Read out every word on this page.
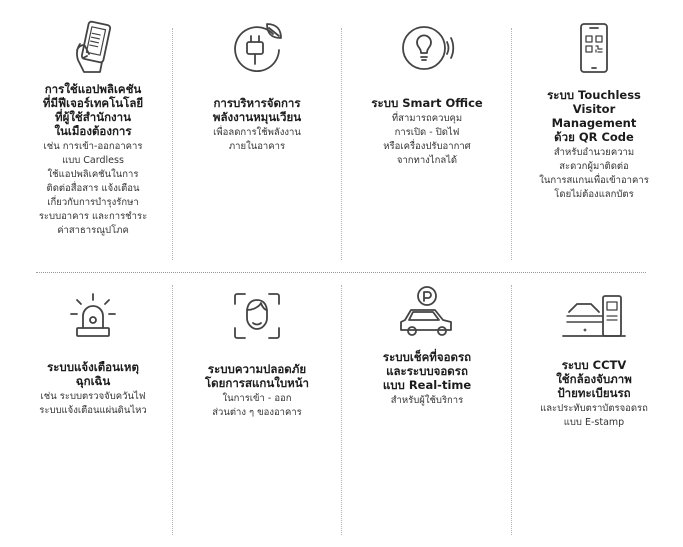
การใช้แอปพลิเคชัน
ที่มีฟีเจอร์เทคโนโลยี
ที่ผู้ใช้สำนักงาน
ในเมืองต้องการ
เช่น การเข้า-ออกอาคาร
แบบ Cardless
ใช้แอปพลิเคชันในการ
ติดต่อสื่อสาร แจ้งเตือน
เกี่ยวกับการบำรุงรักษา
ระบบอาคาร และการชำระ
ค่าสาธารณูปโภค
การบริหารจัดการ
พลังงานหมุนเวียน
เพื่อลดการใช้พลังงาน
ภายในอาคาร
ระบบ Smart Office
ที่สามารถควบคุม
การเปิด - ปิดไฟ
หรือเครื่องปรับอากาศ
จากทางไกลได้
ระบบ Touchless
Visitor
Management
ด้วย QR Code
สำหรับอำนวยความ
สะดวกผู้มาติดต่อ
ในการสแกนเพื่อเข้าอาคาร
โดยไม่ต้องแลกบัตร
ระบบแจ้งเตือนเหตุ
ฉุกเฉิน
เช่น ระบบตรวจจับควันไฟ
ระบบแจ้งเตือนแผ่นดินไหว
ระบบความปลอดภัย
โดยการสแกนใบหน้า
ในการเข้า - ออก
ส่วนต่าง ๆ ของอาคาร
ระบบเช็คที่จอดรถ
และระบบจอดรถ
แบบ Real-time
สำหรับผู้ใช้บริการ
ระบบ CCTV
ใช้กล้องจับภาพ
ป้ายทะเบียนรถ
และประทับตราบัตรจอดรถ
แบบ E-stamp
